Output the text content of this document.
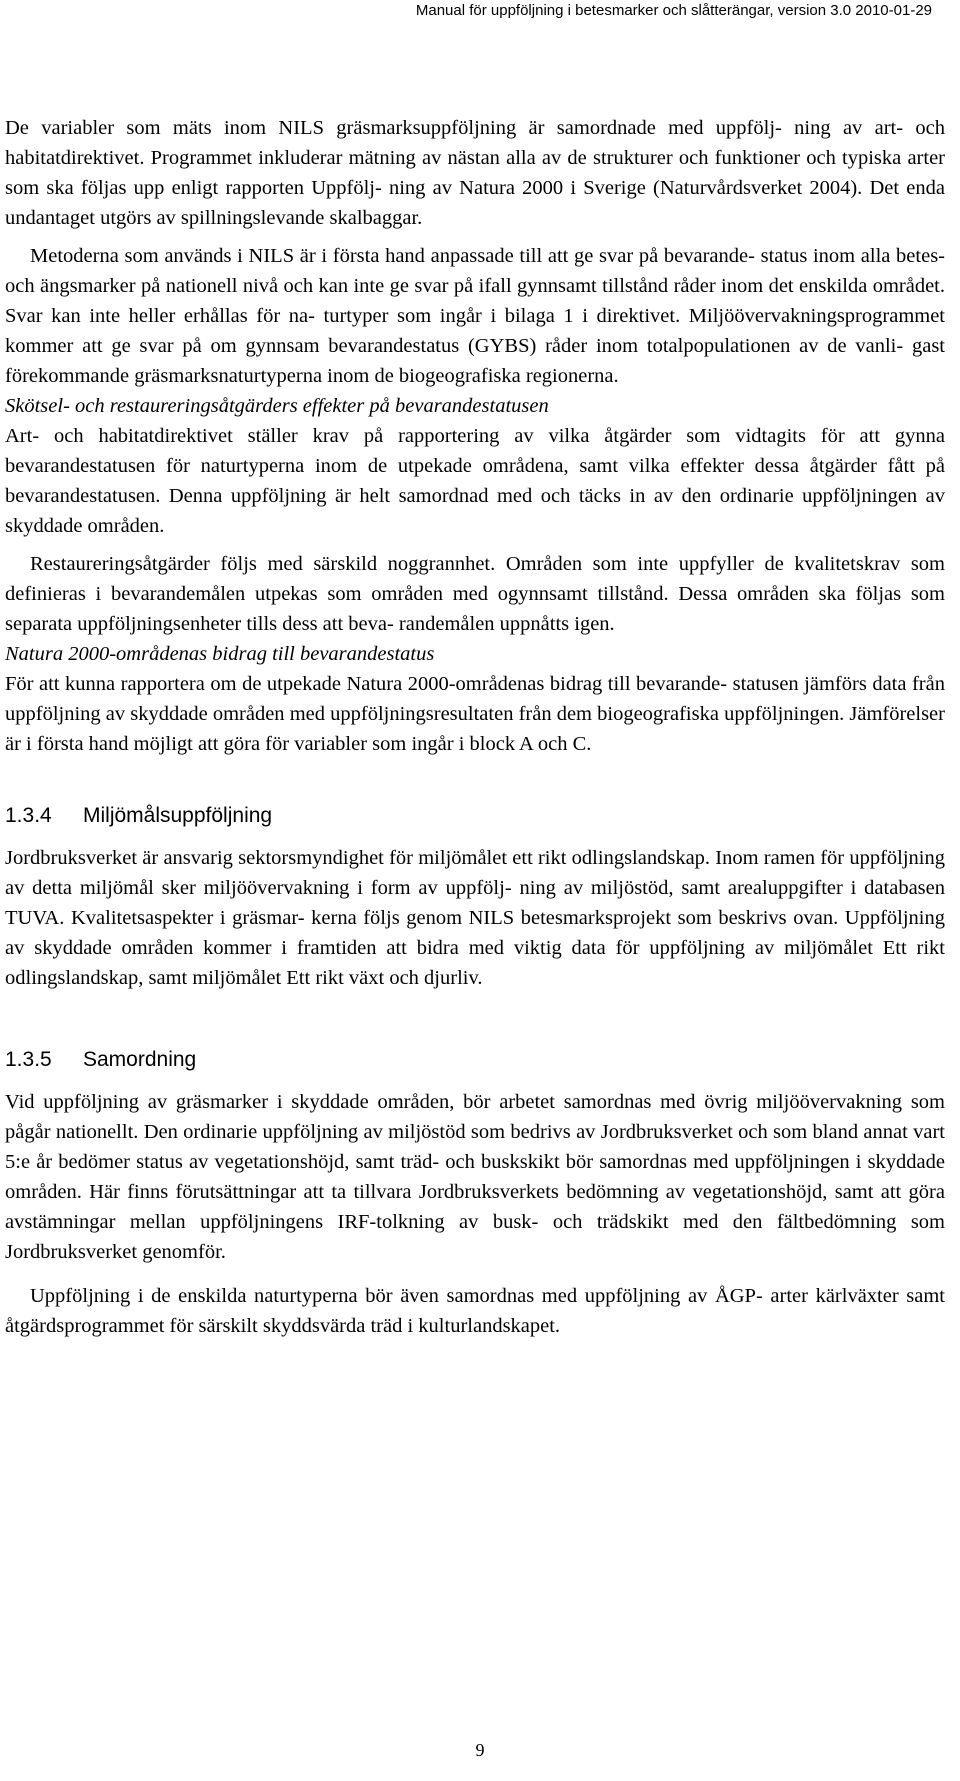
Manual för uppföljning i betesmarker och slåtterängar, version 3.0 2010-01-29

De variabler som mäts inom NILS gräsmarksuppföljning är samordnade med uppfölj- ning av art- och habitatdirektivet. Programmet inkluderar mätning av nästan alla av de strukturer och funktioner och typiska arter som ska följas upp enligt rapporten Uppfölj- ning av Natura 2000 i Sverige (Naturvårdsverket 2004). Det enda undantaget utgörs av spillningslevande skalbaggar.

Metoderna som används i NILS är i första hand anpassade till att ge svar på bevarande- status inom alla betes- och ängsmarker på nationell nivå och kan inte ge svar på ifall gynnsamt tillstånd råder inom det enskilda området. Svar kan inte heller erhållas för na- turtyper som ingår i bilaga 1 i direktivet. Miljöövervakningsprogrammet kommer att ge svar på om gynnsam bevarandestatus (GYBS) råder inom totalpopulationen av de vanli- gast förekommande gräsmarksnaturtyperna inom de biogeografiska regionerna.

Skötsel- och restaureringsåtgärders effekter på bevarandestatusen

Art- och habitatdirektivet ställer krav på rapportering av vilka åtgärder som vidtagits för att gynna bevarandestatusen för naturtyperna inom de utpekade områdena, samt vilka effekter dessa åtgärder fått på bevarandestatusen. Denna uppföljning är helt samordnad med och täcks in av den ordinarie uppföljningen av skyddade områden.

Restaureringsåtgärder följs med särskild noggrannhet. Områden som inte uppfyller de kvalitetskrav som definieras i bevarandemålen utpekas som områden med ogynnsamt tillstånd. Dessa områden ska följas som separata uppföljningsenheter tills dess att beva- randemålen uppnåtts igen.

Natura 2000-områdenas bidrag till bevarandestatus

För att kunna rapportera om de utpekade Natura 2000-områdenas bidrag till bevarande- statusen jämförs data från uppföljning av skyddade områden med uppföljningsresultaten från dem biogeografiska uppföljningen. Jämförelser är i första hand möjligt att göra för variabler som ingår i block A och C.

1.3.4	Miljömålsuppföljning

Jordbruksverket är ansvarig sektorsmyndighet för miljömålet ett rikt odlingslandskap. Inom ramen för uppföljning av detta miljömål sker miljöövervakning i form av uppfölj- ning av miljöstöd, samt arealuppgifter i databasen TUVA. Kvalitetsaspekter i gräsmar- kerna följs genom NILS betesmarksprojekt som beskrivs ovan. Uppföljning av skyddade områden kommer i framtiden att bidra med viktig data för uppföljning av miljömålet Ett rikt odlingslandskap, samt miljömålet Ett rikt växt och djurliv.

1.3.5	Samordning

Vid uppföljning av gräsmarker i skyddade områden, bör arbetet samordnas med övrig miljöövervakning som pågår nationellt. Den ordinarie uppföljning av miljöstöd som bedrivs av Jordbruksverket och som bland annat vart 5:e år bedömer status av vegetationshöjd, samt träd- och buskskikt bör samordnas med uppföljningen i skyddade områden. Här finns förutsättningar att ta tillvara Jordbruksverkets bedömning av vegetationshöjd, samt att göra avstämningar mellan uppföljningens IRF-tolkning av busk- och trädskikt med den fältbedömning som Jordbruksverket genomför.

Uppföljning i de enskilda naturtyperna bör även samordnas med uppföljning av ÅGP- arter kärlväxter samt åtgärdsprogrammet för särskilt skyddsvärda träd i kulturlandskapet.

9
